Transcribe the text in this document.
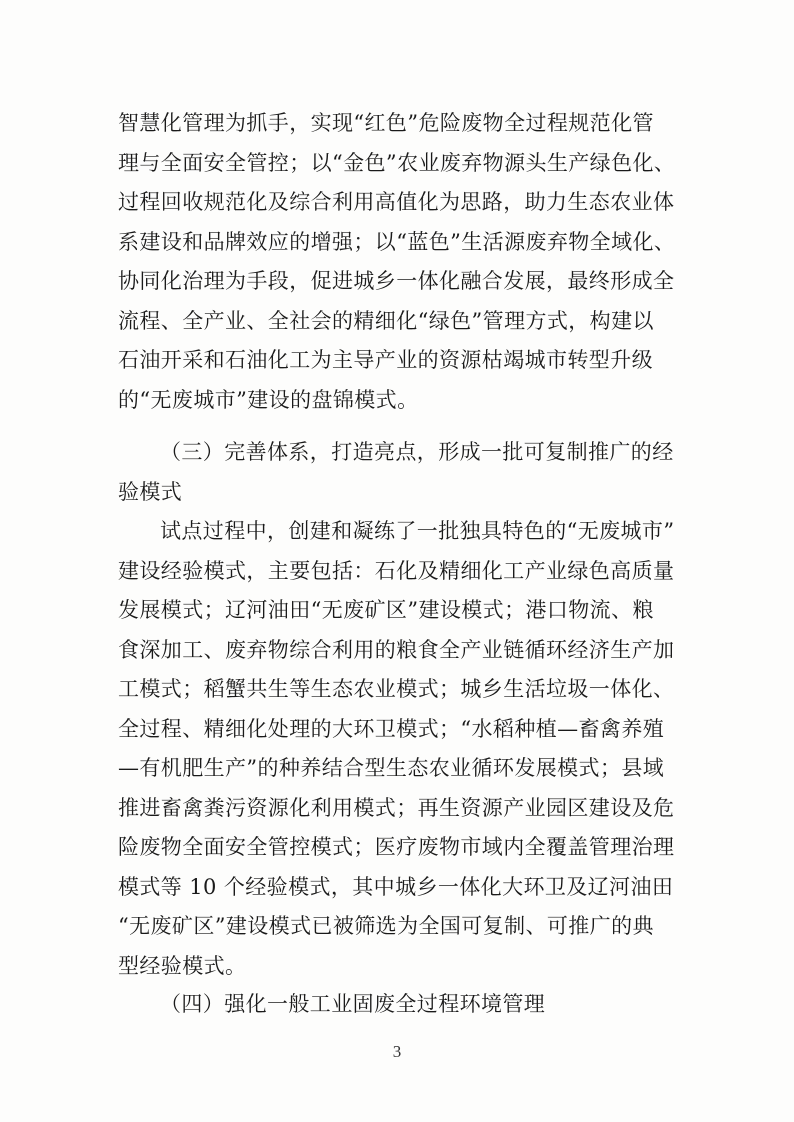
智慧化管理为抓手，实现“红色”危险废物全过程规范化管
理与全面安全管控；以“金色”农业废弃物源头生产绿色化、
过程回收规范化及综合利用高值化为思路，助力生态农业体
系建设和品牌效应的增强；以“蓝色”生活源废弃物全域化、
协同化治理为手段，促进城乡一体化融合发展，最终形成全
流程、全产业、全社会的精细化“绿色”管理方式，构建以
石油开采和石油化工为主导产业的资源枯竭城市转型升级
的“无废城市”建设的盘锦模式。
（三）完善体系，打造亮点，形成一批可复制推广的经
验模式
试点过程中，创建和凝练了一批独具特色的“无废城市”
建设经验模式，主要包括：石化及精细化工产业绿色高质量
发展模式；辽河油田“无废矿区”建设模式；港口物流、粮
食深加工、废弃物综合利用的粮食全产业链循环经济生产加
工模式；稻蟹共生等生态农业模式；城乡生活垃圾一体化、
全过程、精细化处理的大环卫模式；“水稻种植—畜禽养殖
—有机肥生产”的种养结合型生态农业循环发展模式；县域
推进畜禽粪污资源化利用模式；再生资源产业园区建设及危
险废物全面安全管控模式；医疗废物市域内全覆盖管理治理
模式等 10 个经验模式，其中城乡一体化大环卫及辽河油田
“无废矿区”建设模式已被筛选为全国可复制、可推广的典
型经验模式。
（四）强化一般工业固废全过程环境管理
3
